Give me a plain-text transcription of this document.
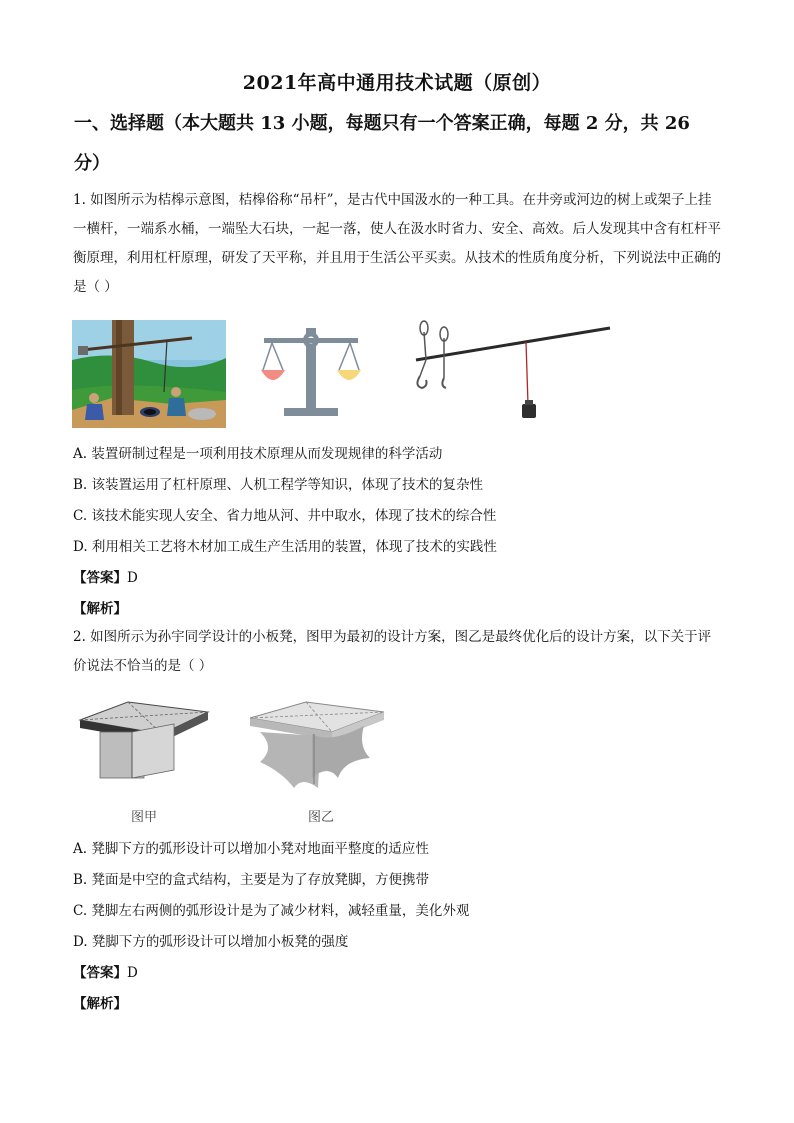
2021年高中通用技术试题（原创）
一、选择题（本大题共 13 小题，每题只有一个答案正确，每题 2 分，共 26
分）
1. 如图所示为桔槔示意图，桔槔俗称“吊杆”，是古代中国汲水的一种工具。在井旁或河边的树上或架子上挂一横杆，一端系水桶，一端坠大石块，一起一落，使人在汲水时省力、安全、高效。后人发现其中含有杠杆平衡原理，利用杠杆原理，研发了天平称，并且用于生活公平买卖。从技术的性质角度分析，下列说法中正确的是（ ）
A. 装置研制过程是一项利用技术原理从而发现规律的科学活动
B. 该装置运用了杠杆原理、人机工程学等知识，体现了技术的复杂性
C. 该技术能实现人安全、省力地从河、井中取水，体现了技术的综合性
D. 利用相关工艺将木材加工成生产生活用的装置，体现了技术的实践性
【答案】D
【解析】
2. 如图所示为孙宇同学设计的小板凳，图甲为最初的设计方案，图乙是最终优化后的设计方案，以下关于评价说法不恰当的是（ ）
图甲	图乙
A. 凳脚下方的弧形设计可以增加小凳对地面平整度的适应性
B. 凳面是中空的盒式结构，主要是为了存放凳脚，方便携带
C. 凳脚左右两侧的弧形设计是为了减少材料，减轻重量，美化外观
D. 凳脚下方的弧形设计可以增加小板凳的强度
【答案】D
【解析】
